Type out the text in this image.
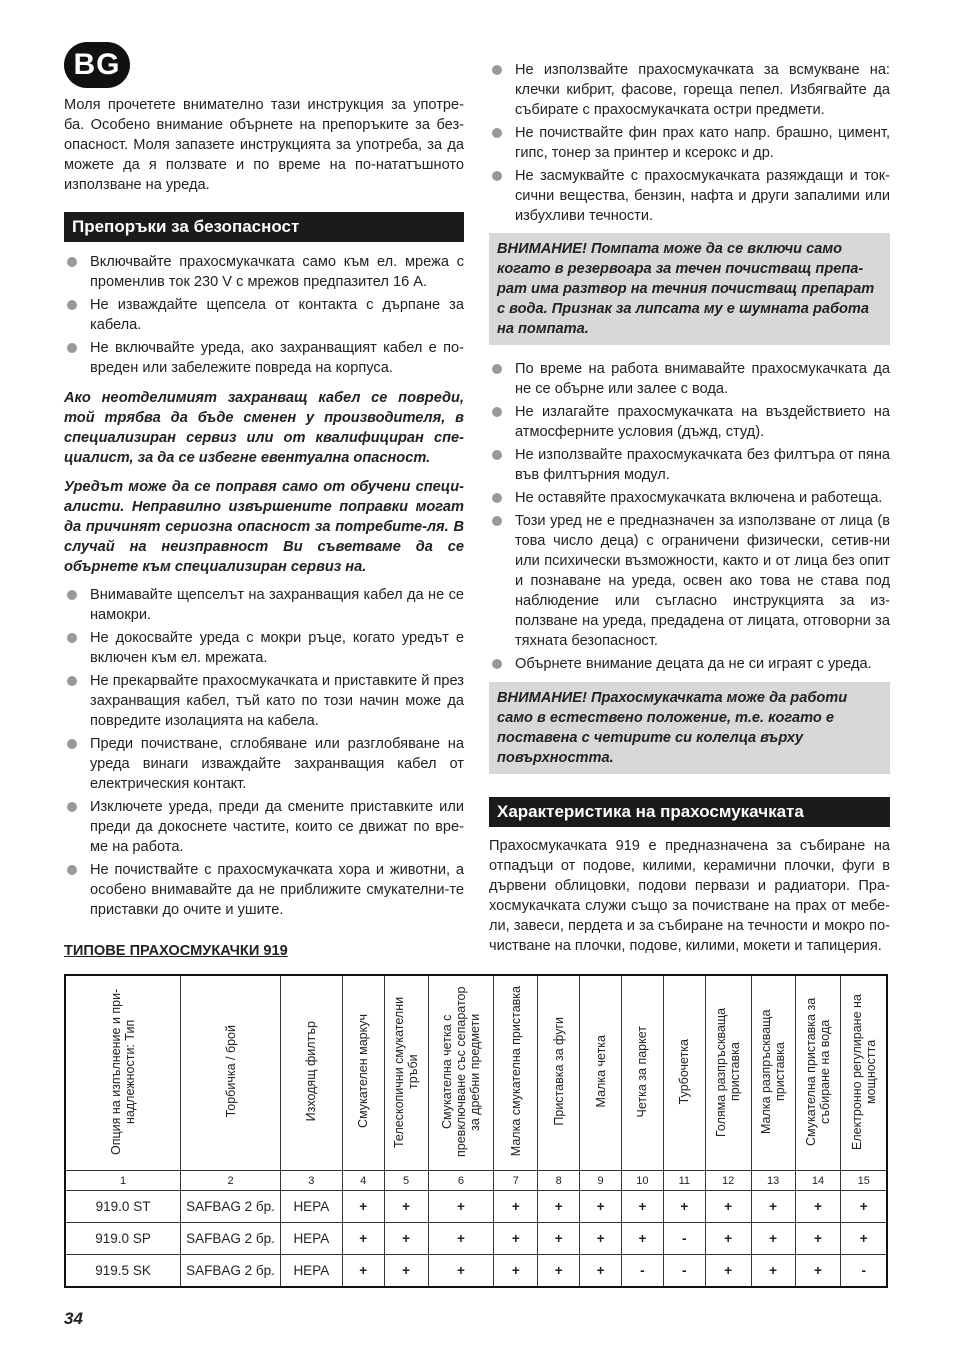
BG

Моля прочетете внимателно тази инструкция за употре-ба. Особено внимание обърнете на препоръките за без-опасност. Моля запазете инструкцията за употреба, за да можете да я ползвате и по време на по-нататъшното използване на уреда.

Препоръки за безопасност
Включвайте прахосмукачката само към ел. мрежа с променлив ток 230 V с мрежов предпазител 16 A.
Не изваждайте щепсела от контакта с дърпане за кабела.
Не включвайте уреда, ако захранващият кабел е по-вреден или забележите повреда на корпуса.

Ако неотделимият захранващ кабел се повреди, той трябва да бъде сменен у производителя, в специализиран сервиз или от квалифициран спе-циалист, за да се избегне евентуална опасност.

Уредът може да се поправя само от обучени специ-алисти. Неправилно извършените поправки могат да причинят сериозна опасност за потребите-ля. В случай на неизправност Ви съветваме да се обърнете към специализиран сервиз на.

Внимавайте щепселът на захранващия кабел да не се намокри.
Не докосвайте уреда с мокри ръце, когато уредът е включен към ел. мрежата.
Не прекарвайте прахосмукачката и приставките й през захранващия кабел, тъй като по този начин може да повредите изолацията на кабела.
Преди почистване, сглобяване или разглобяване на уреда винаги изваждайте захранващия кабел от електрическия контакт.
Изключете уреда, преди да смените приставките или преди да докоснете частите, които се движат по вре-ме на работа.
Не почиствайте с прахосмукачката хора и животни, а особено внимавайте да не приближите смукателни-те приставки до очите и ушите.
Не използвайте прахосмукачката за всмукване на: клечки кибрит, фасове, гореща пепел. Избягвайте да събирате с прахосмукачката остри предмети.
Не почиствайте фин прах като напр. брашно, цимент, гипс, тонер за принтер и ксерокс и др.
Не засмуквайте с прахосмукачката разяждащи и ток-сични вещества, бензин, нафта и други запалими или избухливи течности.
ВНИМАНИЕ! Помпата може да се включи само когато в резервоара за течен почистващ препа-рат има разтвор на течния почистващ препарат с вода. Признак за липсата му е шумната работа на помпата.
По време на работа внимавайте прахосмукачката да не се обърне или залее с вода.
Не излагайте прахосмукачката на въздействието на атмосферните условия (дъжд, студ).
Не използвайте прахосмукачката без филтъра от пяна във филтърния модул.
Не оставяйте прахосмукачката включена и работеща.
Този уред не е предназначен за използване от лица (в това число деца) с ограничени физически, сетив-ни или психически възможности, както и от лица без опит и познаване на уреда, освен ако това не става под наблюдение или съгласно инструкцията за из-ползване на уреда, предадена от лицата, отговорни за тяхната безопасност.
Обърнете внимание децата да не си играят с уреда.
ВНИМАНИЕ! Прахосмукачката може да работи само в естествено положение, т.е. когато е поставена с четирите си колелца върху повърхността.
Характеристика на прахосмукачката

Прахосмукачката 919 е предназначена за събиране на отпадъци от подове, килими, керамични плочки, фуги в дървени облицовки, подови первази и радиатори. Пра-хосмукачката служи също за почистване на прах от мебе-ли, завеси, пердета и за събиране на течности и мокро по-чистване на плочки, подове, килими, мокети и тапицерия.

ТИПОВЕ ПРАХОСМУКАЧКИ 919
Опция на изпълнение и при-надлежности: Тип	Торбичка / брой	Изходящ филтър	Смукателен маркуч	Телескопични смукателни тръби	Смукателна четка с превключване със сепаратор за дребни предмети	Малка смукателна приставка	Приставка за фуги	Малка четка	Четка за паркет	Турбочетка	Голяма разпръскваща приставка	Малка разпръскваща приставка	Смукателна приставка за събиране на вода	Електронно регулиране на мощността
1	2	3	4	5	6	7	8	9	10	11	12	13	14	15
919.0 ST	SAFBAG 2 бр.	HEPA	+	+	+	+	+	+	+	+	+	+	+	+
919.0 SP	SAFBAG 2 бр.	HEPA	+	+	+	+	+	+	+	-	+	+	+	+
919.5 SK	SAFBAG 2 бр.	HEPA	+	+	+	+	+	+	-	-	+	+	+	-
34
